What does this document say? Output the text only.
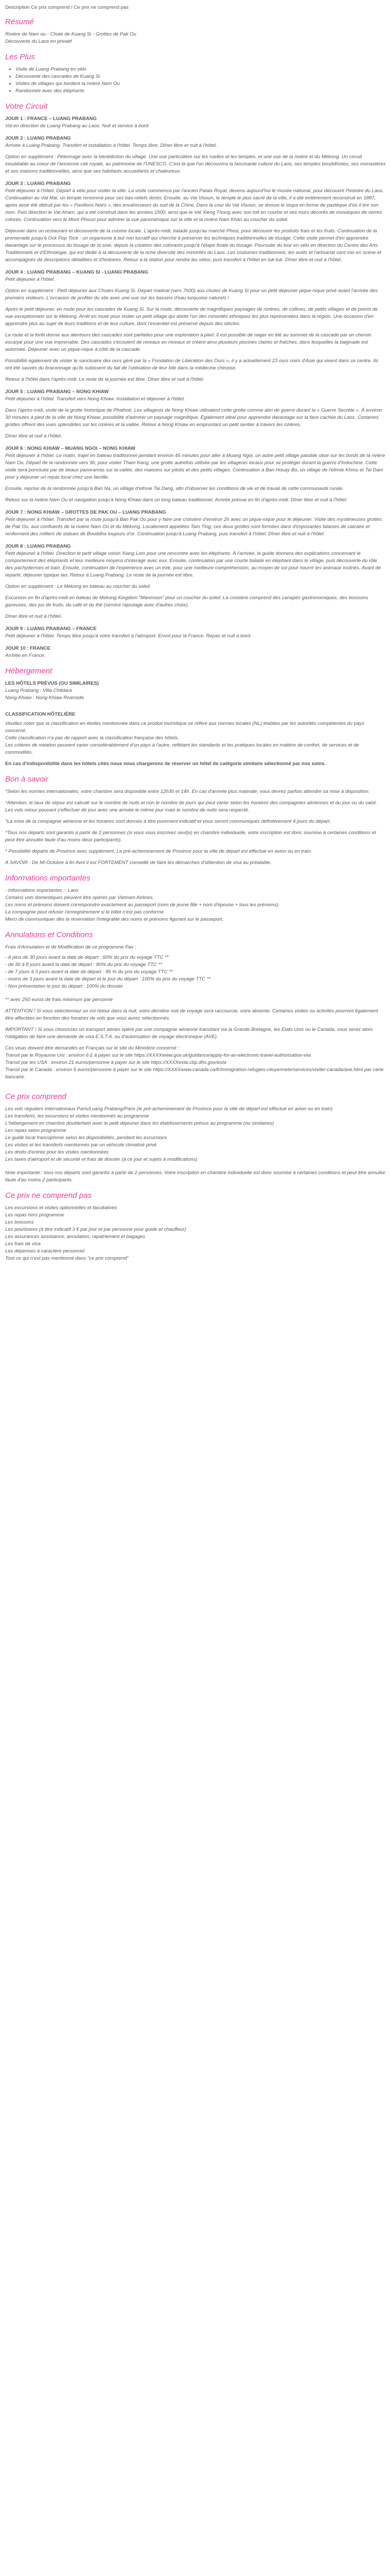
Description Ce prix comprend / Ce prix ne comprend pas

Résumé

Rivière de Nam ou - Chute de Kuang Si - Grottes de Pak Ou

Découverte du Laos en privatif

Les Plus
• Visite de Luang Prabang en vélo
• Découverte des cascades de Kuang Si
• Visites de villages qui bordent la rivière Nam Ou
• Randonnée avec des éléphants
Votre Circuit

JOUR 1 : FRANCE – LUANG PRABANG

Vol en direction de Luang Prabang au Laos. Nuit et service à bord.

JOUR 2 : LUANG PRABANG

Arrivée à Luang Prabang. Transfert et installation à l'hôtel. Temps libre. Dîner libre et nuit à l'hôtel.

Option en supplément : Pèlerinage avec la bénédiction du village. Une vue particulière sur les ruelles et les temples, et une vue de la rivière et du Mékong. Un circuit inoubliable au coeur de l'ancienne cité royale, au patrimoine de l'UNESCO. C'est là que l'on découvrira la fascinante culture du Laos, ses temples bouddhistes, ses monastères et ses maisons traditionnelles, ainsi que ses habitants accueillants et chaleureux.

JOUR 3 : LUANG PRABANG

Petit déjeuner à l'hôtel. Départ à vélo pour visiter la ville. La visite commence par l'ancien Palais Royal, devenu aujourd'hui le musée national, pour découvrir l'histoire du Laos. Continuation au Vat Mai, un temple renommé pour ses bas-reliefs dorés. Ensuite, au Vat Visoun, le temple le plus sacré de la ville, il a été entièrement reconstruit en 1887, après avoir été détruit par les « Pavillons Noirs », des envahisseurs du sud de la Chine. Dans la cour du Vat Visoun, se dresse le stupa en forme de pastèque d'où il tire son nom. Puis direction le Vat Aham, qui a été construit dans les années 1500, ainsi que le Vat Xieng Thong avec son toit en courbe et ses murs décorés de mosaïques de verres colorés. Continuation vers le Mont Phousi pour admirer la vue panoramique sur la ville et la rivière Nam Khan au coucher du soleil.

Déjeuner dans un restaurant et découverte de la cuisine locale. L'après-midi, balade jusqu'au marché Phosi, pour découvrir les produits frais et les fruits. Continuation de la promenade jusqu'à Ock Pop Tock : un organisme à but non lucratif qui cherche à préserver les techniques traditionnelles de tissage. Cette visite permet d'en apprendre davantage sur le processus du tissage de la soie, depuis la création des colorants jusqu'à l'étape finale du tissage. Poursuite du tour en vélo en direction du Centre des Arts Traditionnels et d'Ethnologie, qui est dédié à la découverte de la riche diversité des minorités du Laos. Les costumes traditionnels, les outils et l'artisanat sont mis en scène et accompagnés de descriptions détaillées et d'histoires. Retour à la station pour rendre les vélos, puis transfert à l'hôtel en tuk-tuk. Dîner libre et nuit à l'hôtel.

JOUR 4 : LUANG PRABANG – KUANG SI - LUANG PRABANG

Petit déjeuner à l'hôtel.

Option en supplément : Petit déjeuner aux Chutes Kuang Si. Départ matinal (vers 7h00) aux chutes de Kuang Si pour un petit déjeuner pique-nique privé avant l'arrivée des premiers visiteurs. L'occasion de profiter du site avec une vue sur les bassins d'eau turquoise naturels !

Après le petit déjeuner, en route pour les cascades de Kuang Si. Sur la route, découverte de magnifiques paysages de rizières, de collines, de petits villages et de points de vue exceptionnels sur le Mékong. Arrêt en route pour visiter un petit village qui abrite l'un des minorités ethniques les plus représentées dans la région. Une occasion d'en apprendre plus au sujet de leurs traditions et de leur culture, dont l'essentiel est préservé depuis des siècles.

La route et la forêt donne aux alentours des cascades sont parfaites pour une exploration à pied. Il est possible de nager en été au sommet de la cascade par un chemin escarpé pour une vue imprenable. Des cascades s'écoulent de niveaux en niveaux et créent ainsi plusieurs piscines claires et fraîches, dans lesquelles la baignade est autorisée. Déjeuner avec un pique-nique à côté de la cascade.

Possibilité également de visiter le sanctuaire des ours géré par la « Fondation de Libération des Ours », il y a actuellement 23 ours noirs d'Asie qui vivent dans ce centre. Ils ont été sauvés du braconnage qu'ils subissent du fait de l'utilisation de leur bile dans la médecine chinoise.

Retour à l'hôtel dans l'après-midi. Le reste de la journée est libre. Dîner libre et nuit à l'hôtel.

JOUR 5 : LUANG PRABANG – NONG KHIAW

Petit déjeuner à l'hôtel. Transfert vers Nong Khiaw. Installation et déjeuner à l'hôtel.

Dans l'après-midi, visite de la grotte historique de Phathok. Les villageois de Nong Khiaw utilisaient cette grotte comme abri de guerre durant la « Guerre Secrète ». À environ 30 minutes à pied de la ville de Nong Khiaw, possibilité d'admirer un paysage magnifique. Également idéal pour apprendre davantage sur la face cachée du Laos. Certaines grottes offrent des vues splendides sur les rizières et la vallée. Retour à Nong Khiaw en empruntant un petit sentier à travers les rizières.

Dîner libre et nuit à l'hôtel.

JOUR 6 : NONG KHIAW – MUANG NGOI – NONG KHIAW

Petit déjeuner à l'hôtel. Le matin, trajet en bateau traditionnel pendant environ 45 minutes pour aller à Muang Ngoi, un autre petit village paisible situé sur les bords de la rivière Nam Ou. Départ de la randonnée vers 9h, pour visiter Tham Kang, une grotte autrefois utilisée par les villageois locaux pour se protéger durant la guerre d'Indochine. Cette visite sera ponctuée par de beaux panoramas sur la vallée, des maisons sur pilotis et des petits villages. Continuation à Ban Houay Bo, un village de l'ethnie Khmu et Tai Dam pour y déjeuner un repas local chez une famille.

Ensuite, reprise de la randonnée jusqu'à Ban Na, un village d'ethnie Tai Dang, afin d'observer les conditions de vie et de travail de cette communauté rurale.

Retour sur la rivière Nam Ou et navigation jusqu'à Nong Khiaw dans un long bateau traditionnel. Arrivée prévue en fin d'après-midi. Dîner libre et nuit à l'hôtel.

JOUR 7 : NONG KHIAW – GROTTES DE PAK OU – LUANG PRABANG

Petit déjeuner à l'hôtel. Transfert par la route jusqu'à Ban Pak Ou pour y faire une croisière d'environ 2h avec un pique-nique pour le déjeuner. Visite des mystérieuses grottes de Pak Ou, aux confluents de la rivière Nam Ou et du Mékong. Localement appelées Tam Ting, ces deux grottes sont formées dans d'imposantes falaises de calcaire et renferment des milliers de statues de Bouddha toujours d'or. Continuation jusqu'à Luang Prabang, puis transfert à l'hôtel. Dîner libre et nuit à l'hôtel.

JOUR 8 : LUANG PRABANG

Petit déjeuner à l'hôtel. Direction le petit village voisin Xiang Lom pour une rencontre avec les éléphants. À l'arrivée, le guide donnera des explications concernant le comportement des éléphants et leur meilleure moyens d'interagir avec eux. Ensuite, continuation par une courte balade en élephant dans le village, puis découverte du rôle des pachydermes et bain. Ensuite, continuation de l'expérience avec un trek, pour une meilleure compréhension, au moyen de soi pour nourrir les animaux inclinés. Avant de repartir, déjeuner typique lao. Retour à Luang Prabang. Le reste de la journée est libre.

Option en supplément : Le Mékong en bateau au coucher du soleil.

Excursion en fin d'après-midi en bateau de Mekong Kingdom "Manmoon" pour un coucher du soleil. La croisière comprend des canapés gastronomiques, des boissons gazeuses, des jus de fruits, du café et du thé (service rajoutage avec d'autres choix).

Dîner libre et nuit à l'hôtel.

JOUR 9 : LUANG PRABANG – FRANCE

Petit déjeuner à l'hôtel. Temps libre jusqu'à votre transfert à l'aéroport. Envol pour la France. Repas et nuit à bord.

JOUR 10 : FRANCE

Arrivée en France.

Hébergement

LES HÔTELS PRÉVUS (OU SIMILAIRES)

Luang Prabang : Villa Chitdara

Nong Khiaw : Nong Khiaw Riverside

CLASSIFICATION HÔTELIÈRE

Veuillez noter que la classification en étoiles mentionnée dans ce produit touristique se réfère aux normes locales (NL) établies par les autorités compétentes du pays concerné.

Cette classification n'a pas de rapport avec la classification française des hôtels.

Les critères de notation peuvent varier considérablement d'un pays à l'autre, reflétant les standards et les pratiques locales en matière de confort, de services et de commodités.

En cas d'indisponibilité dans les hôtels cités nous nous chargerons de réserver un hôtel de catégorie similaire sélectionné par nos soins.

Bon à savoir

*Selon les normes internationales, votre chambre sera disponible entre 12h30 et 14h. En cas d'arrivée plus matinale, vous devrez parfois attendre sa mise à disposition.

*Attention, le taux de séjour est calculé sur le nombre de nuits et non le nombre de jours qui peut varier selon les horaires des compagnies aériennes et du jour ou du salut. Les vols retour pouvant s'effectuer de jour avec une arrivée le même jour mais le nombre de nuits sera respecté.

*La mise de la compagnie aérienne et les horaires sont donnés à titre purement indicatif et vous seront communiqués définitivement 4 jours du départ.

*Tous nos départs sont garantis à partir de 2 personnes (si vous vous inscrivez seul(e) en chambre individuelle, votre inscription est donc soumise à certaines conditions et peut être annulée faute d'au moins deux participants).

* Possibilité départs de Province avec supplément. Le pré-acheminement de Province pour la ville de départ est effectué en avion ou en train.

A SAVOIR : De Mi-Octobre à fin Avril il est FORTEMENT conseillé de faire les démarches d'obtention de visa au préalable.

Informations importantes

- Informations importantes :- Laos

Certains vols domestiques peuvent être opérés par Vietnam Airlines.

Les noms et prénoms doivent correspondre exactement au passeport (nom de jeune fille + nom d'épouse + tous les prénoms).

La compagnie peut refuser l'enregistrement si le billet n'est pas conforme.

Merci de communiquer dès la réservation l'intégralité des noms et prénoms figurant sur le passeport.

Annulations et Conditions

Frais d'Annulation et de Modification de ce programme Pax :

- A plus de 30 jours avant la date de départ : 60% du prix du voyage TTC **
- de 30 à 8 jours avant la date de départ : 80% du prix du voyage TTC **
- de 7 jours à 3 jours avant la date de départ : 95 % du prix du voyage TTC **
- moins de 3 jours avant la date de départ et le jour du départ : 100% du prix du voyage TTC **
- Non présentation le jour du départ : 100% du dossier

** avec 250 euros de frais minimum par personne

ATTENTION ! Si vous sélectionnez un vol retour dans la nuit, votre dernière nuit de voyage sera raccourcie, voire absente. Certaines visites ou activités pourront également être affectées en fonction des horaires de vols que vous aurez sélectionnés.

IMPORTANT ! Si vous choisissez un transport aérien opéré par une compagnie aérienne transitant via la Grande Bretagne, les Etats Unis ou le Canada, vous serez alors l'obligation de faire une demande de visa E.S.T.A. ou d'autorisation de voyage électronique (AVE).

Ces visas doivent être demandés en Français sur le site du Ministère concerné :

Transit par le Royaume Uni : environ 6 £ à payer sur le site https://XXXXwww.gov.uk/guidance/apply-for-an-electronic-travel-authorisation-eta

Transit par les USA : environ 21 euros/personne à payer sur le site https://XXXXesta.cbp.dhs.gov/esta

Transit par le Canada : environ 5 euros/personne à payer sur le site https://XXXXwww.canada.ca/fr/immigration-refugies-citoyennete/services/visiter-canada/ave.html par carte bancaire.

Ce prix comprend
Les vols réguliers internationaux Paris/Luang Prabang/Paris (le pré-acheminement de Province pour la ville de départ est effectué en avion ou en train)
Les transferts, les excursions et visites mentionnés au programme
L'hébergement en chambre double/twin avec le petit déjeuner dans les établissements prévus au programme (ou similaires)
Les repas selon programme
Le guide local francophone selon les disponibilités, pendant les excursions
Les visites et les transferts mentionnés par un véhicule climatisé privé
Les droits d'entrée pour les visites mentionnées
Les taxes d'aéroport et de sécurité et frais de dossier (à ce jour et sujets à modifications)

Note importante : tous nos départs sont garantis à partir de 2 personnes. Votre inscription en chambre individuelle est donc soumise à certaines conditions et peut être annulée faute d'au moins 2 participants.

Ce prix ne comprend pas
Les excursions et visites optionnelles et facultatives
Les repas hors programme
Les boissons
Les pourboires (à titre indicatif 3 € par jour et par personne pour guide et chauffeur)
Les assurances assistance, annulation, rapatriement et bagages
Les frais de visa
Les dépenses à caractère personnel
Tout ce qui n'est pas mentionné dans "ce prix comprend"
